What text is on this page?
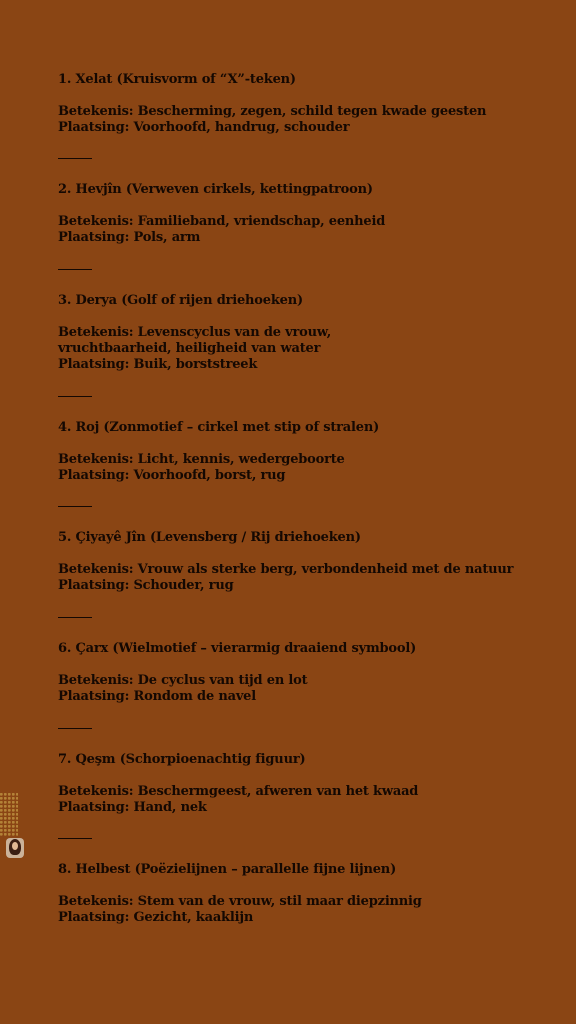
1. Xelat (Kruisvorm of “X”-teken)

Betekenis: Bescherming, zegen, schild tegen kwade geesten

Plaatsing: Voorhoofd, handrug, schouder

2. Hevjîn (Verweven cirkels, kettingpatroon)

Betekenis: Familieband, vriendschap, eenheid

Plaatsing: Pols, arm

3. Derya (Golf of rijen driehoeken)

Betekenis: Levenscyclus van de vrouw, vruchtbaarheid, heiligheid van water

Plaatsing: Buik, borststreek

4. Roj (Zonmotief – cirkel met stip of stralen)

Betekenis: Licht, kennis, wedergeboorte

Plaatsing: Voorhoofd, borst, rug

5. Çiyayê Jîn (Levensberg / Rij driehoeken)

Betekenis: Vrouw als sterke berg, verbondenheid met de natuur

Plaatsing: Schouder, rug

6. Çarx (Wielmotief – vierarmig draaiend symbool)

Betekenis: De cyclus van tijd en lot

Plaatsing: Rondom de navel

7. Qeşm (Schorpioenachtig figuur)

Betekenis: Beschermgeest, afweren van het kwaad

Plaatsing: Hand, nek

8. Helbest (Poëzielijnen – parallelle fijne lijnen)

Betekenis: Stem van de vrouw, stil maar diepzinnig

Plaatsing: Gezicht, kaaklijn
